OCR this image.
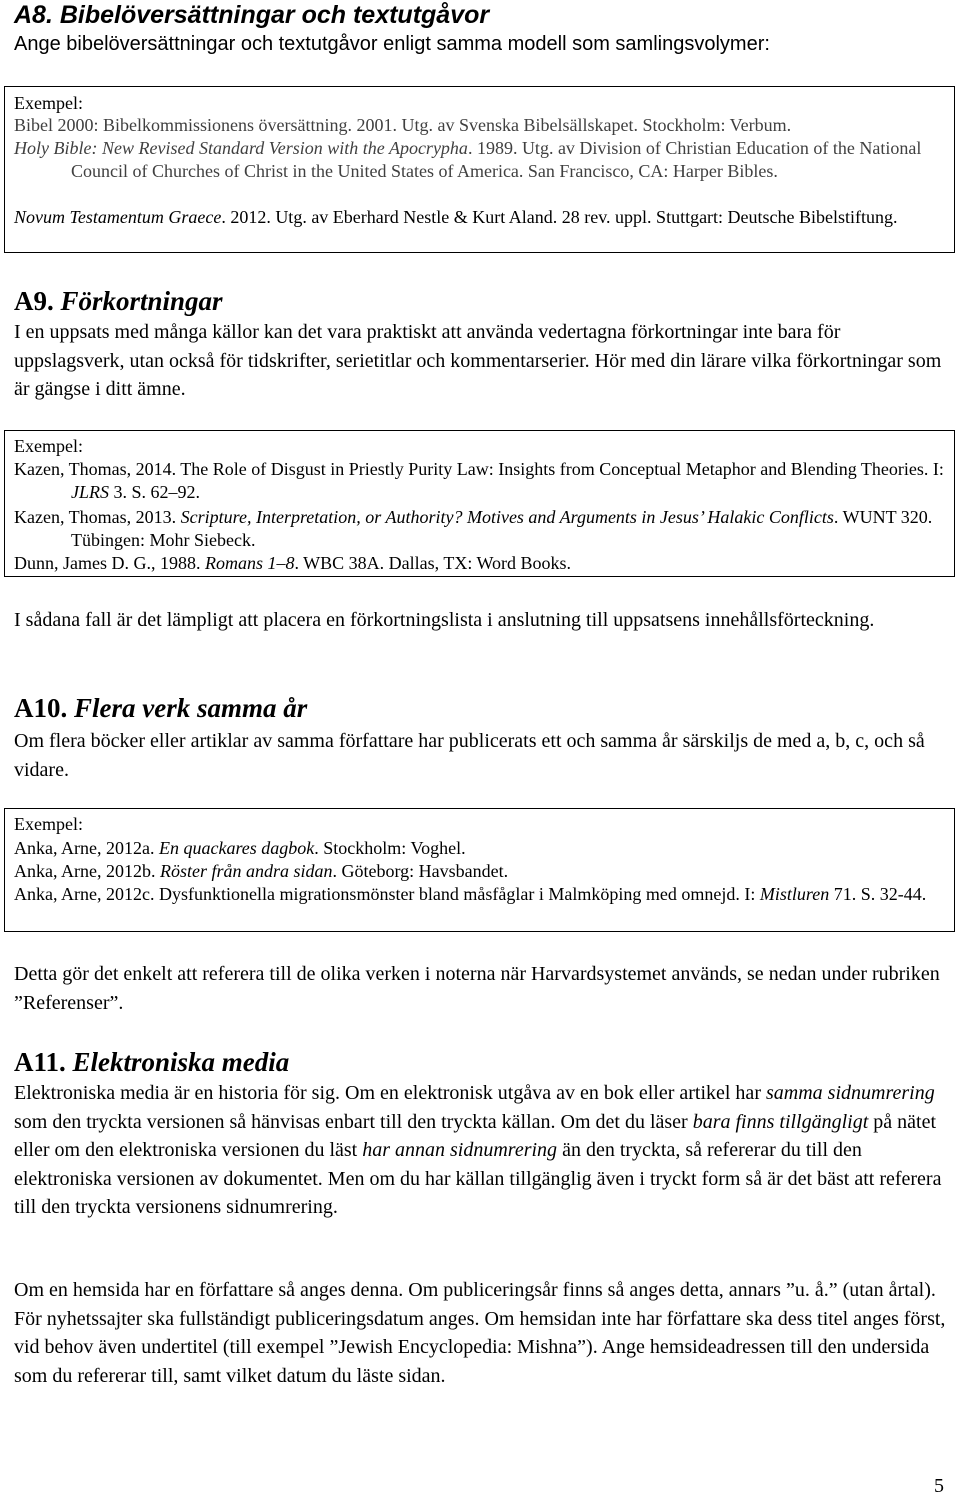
A8. Bibelöversättningar och textutgåvor

Ange bibelöversättningar och textutgåvor enligt samma modell som samlingsvolymer:

Exempel:
Bibel 2000: Bibelkommissionens översättning. 2001. Utg. av Svenska Bibelsällskapet. Stockholm: Verbum.
Holy Bible: New Revised Standard Version with the Apocrypha. 1989. Utg. av Division of Christian Education of the National Council of Churches of Christ in the United States of America. San Francisco, CA: Harper Bibles.
Novum Testamentum Graece. 2012. Utg. av Eberhard Nestle & Kurt Aland. 28 rev. uppl. Stuttgart: Deutsche Bibelstiftung.
A9. Förkortningar

I en uppsats med många källor kan det vara praktiskt att använda vedertagna förkortningar inte bara för uppslagsverk, utan också för tidskrifter, serietitlar och kommentarserier. Hör med din lärare vilka förkortningar som är gängse i ditt ämne.

Exempel:
Kazen, Thomas, 2014. The Role of Disgust in Priestly Purity Law: Insights from Conceptual Metaphor and Blending Theories. I: JLRS 3. S. 62–92.
Kazen, Thomas, 2013. Scripture, Interpretation, or Authority? Motives and Arguments in Jesus’ Halakic Conflicts. WUNT 320. Tübingen: Mohr Siebeck.
Dunn, James D. G., 1988. Romans 1–8. WBC 38A. Dallas, TX: Word Books.

I sådana fall är det lämpligt att placera en förkortningslista i anslutning till uppsatsens innehållsförteckning.

A10. Flera verk samma år

Om flera böcker eller artiklar av samma författare har publicerats ett och samma år särskiljs de med a, b, c, och så vidare.

Exempel:
Anka, Arne, 2012a. En quackares dagbok. Stockholm: Voghel.
Anka, Arne, 2012b. Röster från andra sidan. Göteborg: Havsbandet.
Anka, Arne, 2012c. Dysfunktionella migrationsmönster bland måsfåglar i Malmköping med omnejd. I: Mistluren 71. S. 32-44.

Detta gör det enkelt att referera till de olika verken i noterna när Harvardsystemet används, se nedan under rubriken ”Referenser”.

A11. Elektroniska media

Elektroniska media är en historia för sig. Om en elektronisk utgåva av en bok eller artikel har samma sidnumrering som den tryckta versionen så hänvisas enbart till den tryckta källan. Om det du läser bara finns tillgängligt på nätet eller om den elektroniska versionen du läst har annan sidnumrering än den tryckta, så refererar du till den elektroniska versionen av dokumentet. Men om du har källan tillgänglig även i tryckt form så är det bäst att referera till den tryckta versionens sidnumrering.

Om en hemsida har en författare så anges denna. Om publiceringsår finns så anges detta, annars ”u. å.” (utan årtal). För nyhetssajter ska fullständigt publiceringsdatum anges. Om hemsidan inte har författare ska dess titel anges först, vid behov även undertitel (till exempel ”Jewish Encyclopedia: Mishna”). Ange hemsideadressen till den undersida som du refererar till, samt vilket datum du läste sidan.

5
